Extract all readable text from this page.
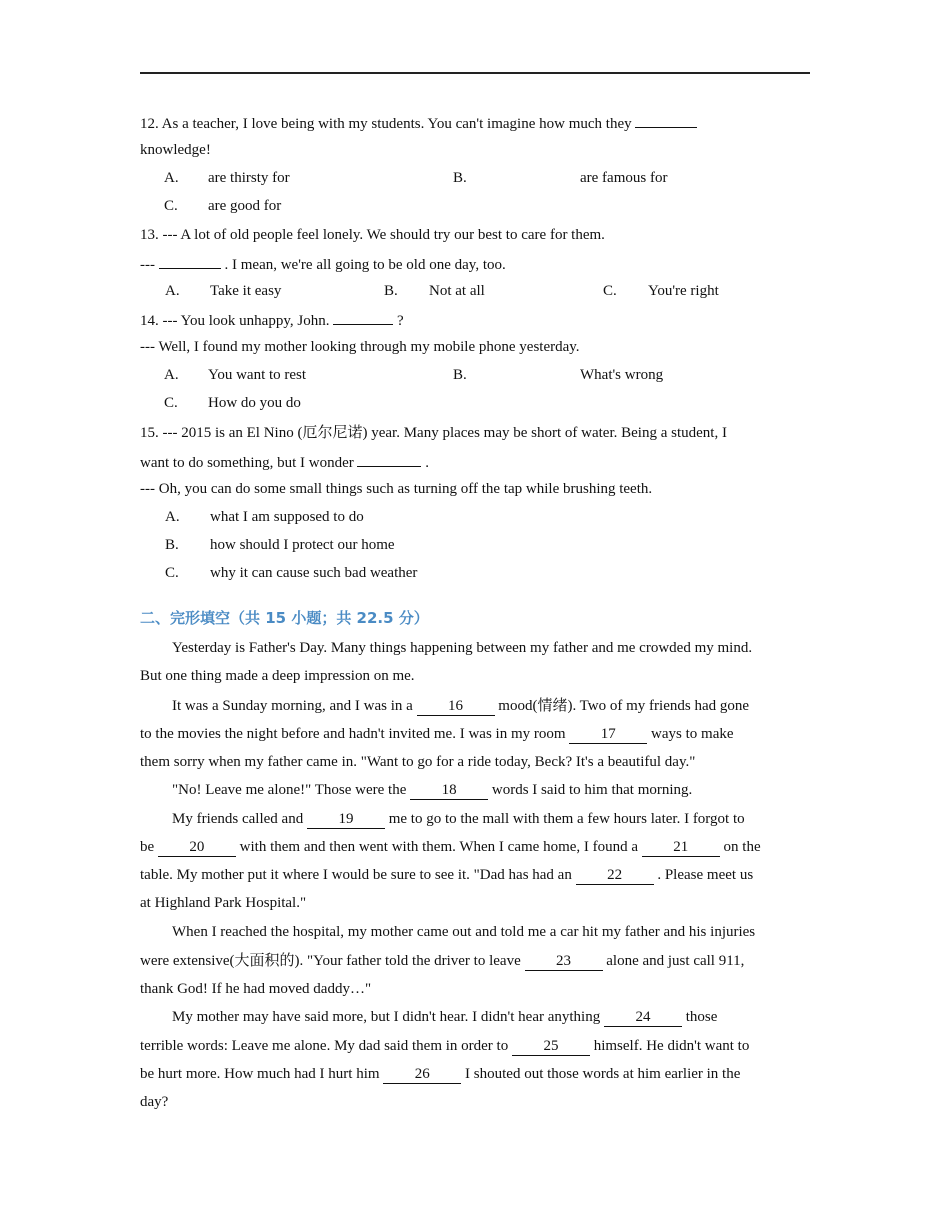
12. As a teacher, I love being with my students. You can't imagine how much they
knowledge!
A. are thirsty for	B.	are famous for
C. are good for
13. --- A lot of old people feel lonely. We should try our best to care for them.
---	. I mean, we're all going to be old one day, too.
A. Take it easy	B. Not at all	C. You're right
14. --- You look unhappy, John.	?
--- Well, I found my mother looking through my mobile phone yesterday.
A. You want to rest	B.	What's wrong
C. How do you do
15. --- 2015 is an El Nino (厄尔尼诺) year. Many places may be short of water. Being a student, I
want to do something, but I wonder	.
--- Oh, you can do some small things such as turning off the tap while brushing teeth.
A. what I am supposed to do
B. how should I protect our home
C. why it can cause such bad weather
二、完形填空（共 15 小题；共 22.5 分）
Yesterday is Father's Day. Many things happening between my father and me crowded my mind.
But one thing made a deep impression on me.
It was a Sunday morning, and I was in a 16 mood(情绪). Two of my friends had gone
to the movies the night before and hadn't invited me. I was in my room 17 ways to make
them sorry when my father came in. "Want to go for a ride today, Beck? It's a beautiful day."
"No! Leave me alone!" Those were the 18 words I said to him that morning.
My friends called and 19 me to go to the mall with them a few hours later. I forgot to
be 20 with them and then went with them. When I came home, I found a 21 on the
table. My mother put it where I would be sure to see it. "Dad has had an 22 . Please meet us
at Highland Park Hospital."
When I reached the hospital, my mother came out and told me a car hit my father and his injuries
were extensive(大面积的). "Your father told the driver to leave 23 alone and just call 911,
thank God! If he had moved daddy…"
My mother may have said more, but I didn't hear. I didn't hear anything 24 those
terrible words: Leave me alone. My dad said them in order to 25 himself. He didn't want to
be hurt more. How much had I hurt him 26 I shouted out those words at him earlier in the
day?
